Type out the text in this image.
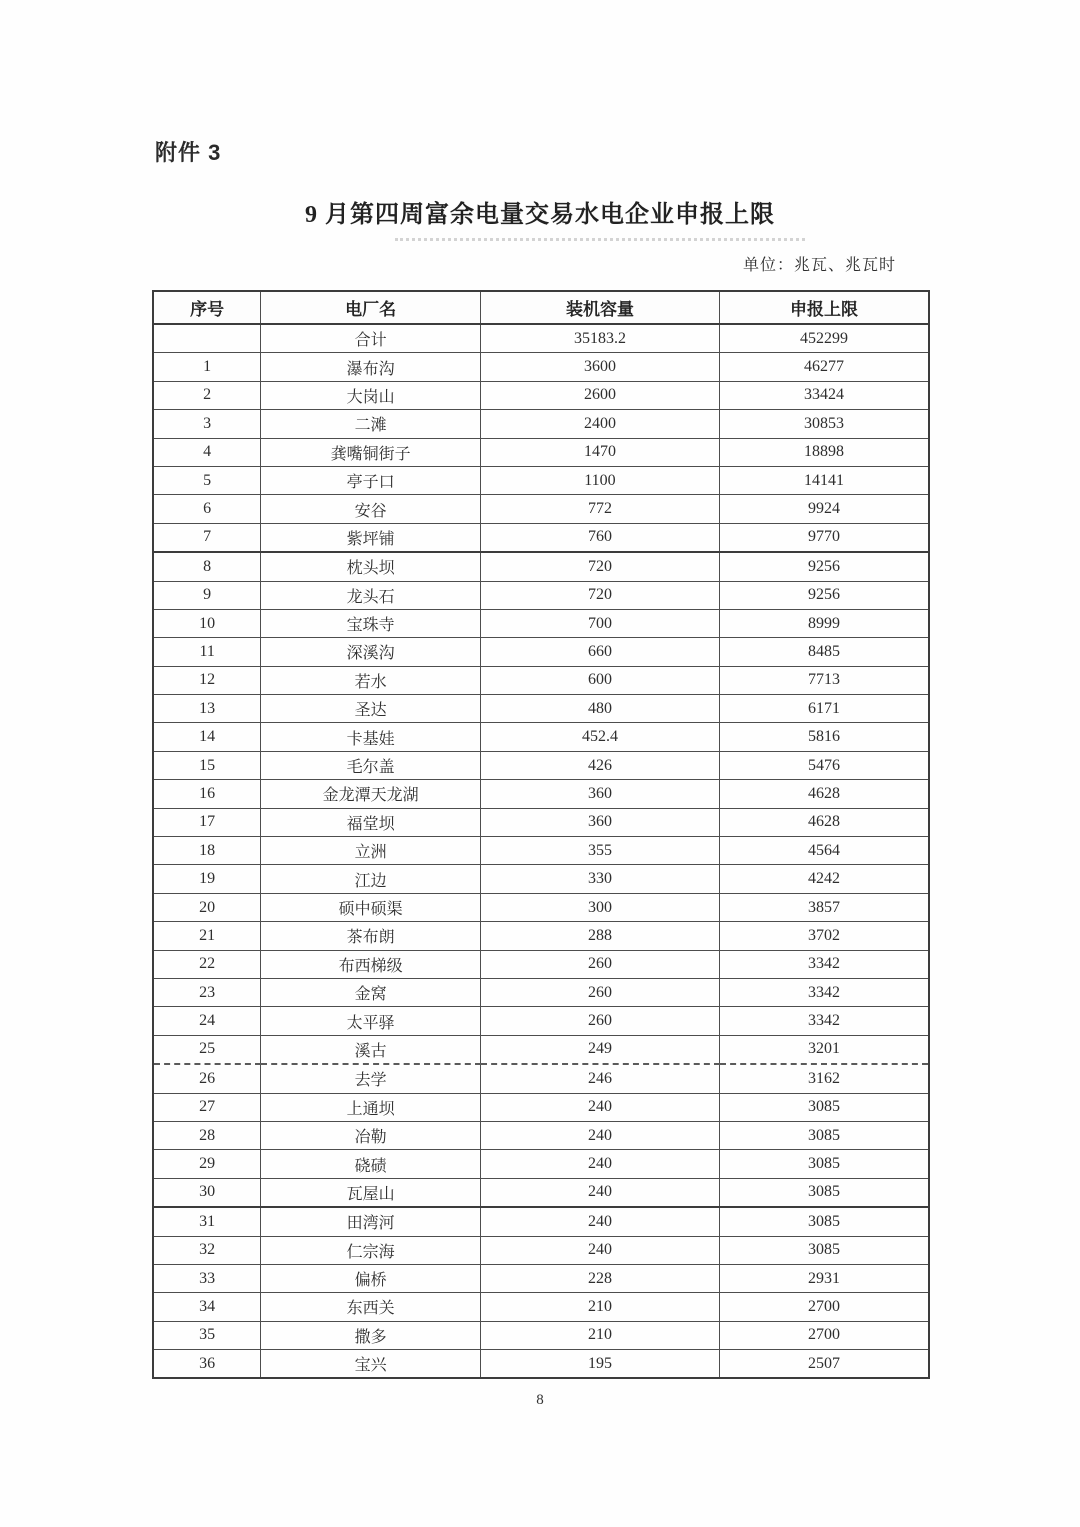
附件 3
9 月第四周富余电量交易水电企业申报上限
单位：兆瓦、兆瓦时
序号	电厂名	装机容量	申报上限
	合计	35183.2	452299
1	瀑布沟	3600	46277
2	大岗山	2600	33424
3	二滩	2400	30853
4	龚嘴铜街子	1470	18898
5	亭子口	1100	14141
6	安谷	772	9924
7	紫坪铺	760	9770
8	枕头坝	720	9256
9	龙头石	720	9256
10	宝珠寺	700	8999
11	深溪沟	660	8485
12	若水	600	7713
13	圣达	480	6171
14	卡基娃	452.4	5816
15	毛尔盖	426	5476
16	金龙潭天龙湖	360	4628
17	福堂坝	360	4628
18	立洲	355	4564
19	江边	330	4242
20	硕中硕渠	300	3857
21	茶布朗	288	3702
22	布西梯级	260	3342
23	金窝	260	3342
24	太平驿	260	3342
25	溪古	249	3201
26	去学	246	3162
27	上通坝	240	3085
28	冶勒	240	3085
29	硗碛	240	3085
30	瓦屋山	240	3085
31	田湾河	240	3085
32	仁宗海	240	3085
33	偏桥	228	2931
34	东西关	210	2700
35	撒多	210	2700
36	宝兴	195	2507
8
